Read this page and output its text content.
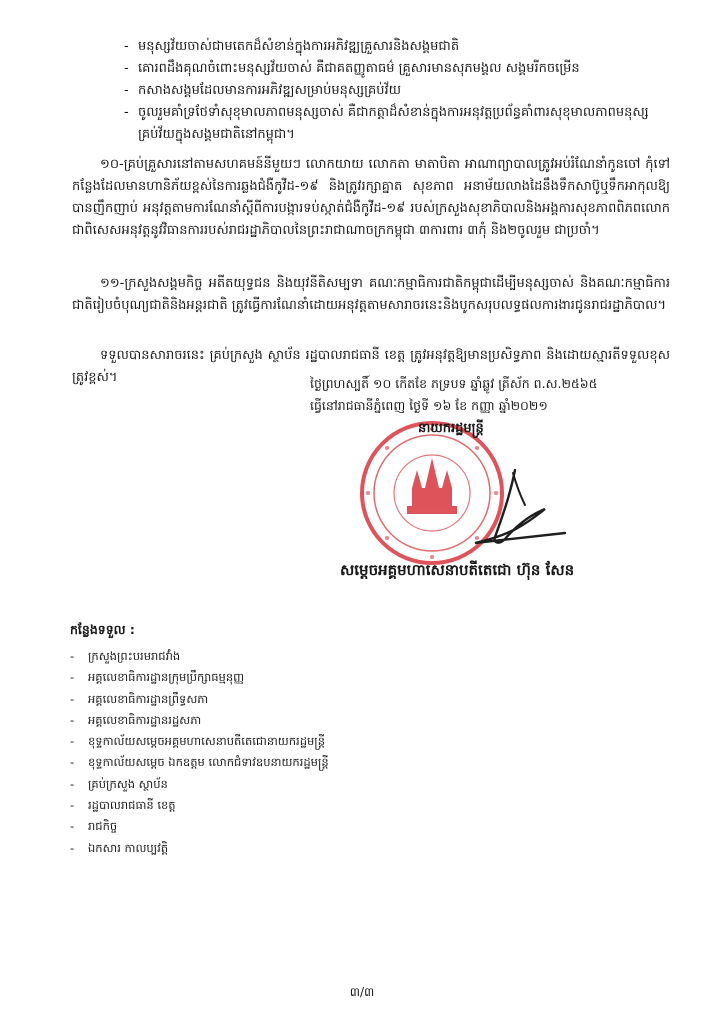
- មនុស្សវ័យចាស់ជាមតេកដ៏សំខាន់ក្នុងការអភិវឌ្ឍគ្រួសារនិងសង្គមជាតិ
- គោរពដឹងគុណចំពោះមនុស្សវ័យចាស់ គឺជាគតញ្ញូតាធម៌ គ្រួសារមានសុភមង្គល សង្គមរីកចម្រើន
- កសាងសង្គមដែលមានការអភិវឌ្ឍសម្រាប់មនុស្សគ្រប់វ័យ
- ចូលរួមគាំទ្រថែទាំសុខុមាលភាពមនុស្សចាស់ គឺជាកត្តាដ៏សំខាន់ក្នុងការអនុវត្តប្រព័ន្ធគាំពារសុខុមាលភាពមនុស្សគ្រប់វ័យក្នុងសង្គមជាតិនៅកម្ពុជា។
១០-គ្រប់គ្រួសារនៅតាមសហគមន៍នីមួយៗ លោកយាយ លោកតា មាតាបិតា អាណាព្យាបាលត្រូវអប់រំណែនាំកូនចៅ កុំទៅកន្លែងដែលមានហានិភ័យខ្ពស់នៃការឆ្លងជំងឺកូវីដ-១៩ និងត្រូវរក្សាគ្នាត សុខភាព អនាម័យលាងដៃនឹងទឹកសាប៊ូឬទឹកអាកុលឱ្យបានញឹកញាប់ អនុវត្តតាមការណែនាំស្តីពីការបង្ការទប់ស្កាត់ជំងឺកូវីដ-១៩ របស់ក្រសួងសុខាភិបាលនិងអង្គការសុខភាពពិភពលោក ជាពិសេសអនុវត្តនូវវិធានការរបស់រាជរដ្ឋាភិបាលនៃព្រះរាជាណាចក្រកម្ពុជា ៣ការពារ ៣កុំ និង២ចូលរួម ជាប្រចាំ។
១១-ក្រសួងសង្គមកិច្ច អតីតយុទ្ធជន និងយុវនីតិសម្បទា គណៈកម្មាធិការជាតិកម្ពុជាដើម្បីមនុស្សចាស់ និងគណៈកម្មាធិការជាតិរៀបចំបុណ្យជាតិនិងអន្តរជាតិ ត្រូវធ្វើការណែនាំដោយអនុវត្តតាមសារាចរនេះនិងបូកសរុបលទ្ធផលការងារជូនរាជរដ្ឋាភិបាល។
ទទួលបានសារាចរនេះ គ្រប់ក្រសួង ស្ថាប័ន រដ្ឋបាលរាជធានី ខេត្ត ត្រូវអនុវត្តឱ្យមានប្រសិទ្ធភាព និងដោយស្មារតីទទួលខុសត្រូវខ្ពស់។	ថ្ងៃព្រហស្បតិ៍ ១០ កើតខែ ភទ្របទ ឆ្នាំឆ្លូវ ត្រីស័ក ព.ស.២៥៦៥
ធ្វើនៅរាជធានីភ្នំពេញ ថ្ងៃទី ១៦ ខែ កញ្ញា ឆ្នាំ២០២១
នាយករដ្ឋមន្ត្រី
សម្តេចអគ្គមហាសេនាបតីតេជោ ហ៊ុន សែន
កន្លែងទទួល :
-	ក្រសួងព្រះបរមរាជវាំង
-	អគ្គលេខាធិការដ្ឋានក្រុមប្រឹក្សាធម្មនុញ្ញ
-	អគ្គលេខាធិការដ្ឋានព្រឹទ្ធសភា
-	អគ្គលេខាធិការដ្ឋានរដ្ឋសភា
-	ខុទ្ទកាល័យសម្តេចអគ្គមហាសេនាបតីតេជោនាយករដ្ឋមន្ត្រី
-	ខុទ្ទកាល័យសម្តេច ឯកឧត្តម លោកជំទាវឧបនាយករដ្ឋមន្ត្រី
-	គ្រប់ក្រសួង ស្ថាប័ន
-	រដ្ឋបាលរាជធានី ខេត្ត
-	រាជកិច្ច
-	ឯកសារ កាលប្បវត្តិ
៣/៣
